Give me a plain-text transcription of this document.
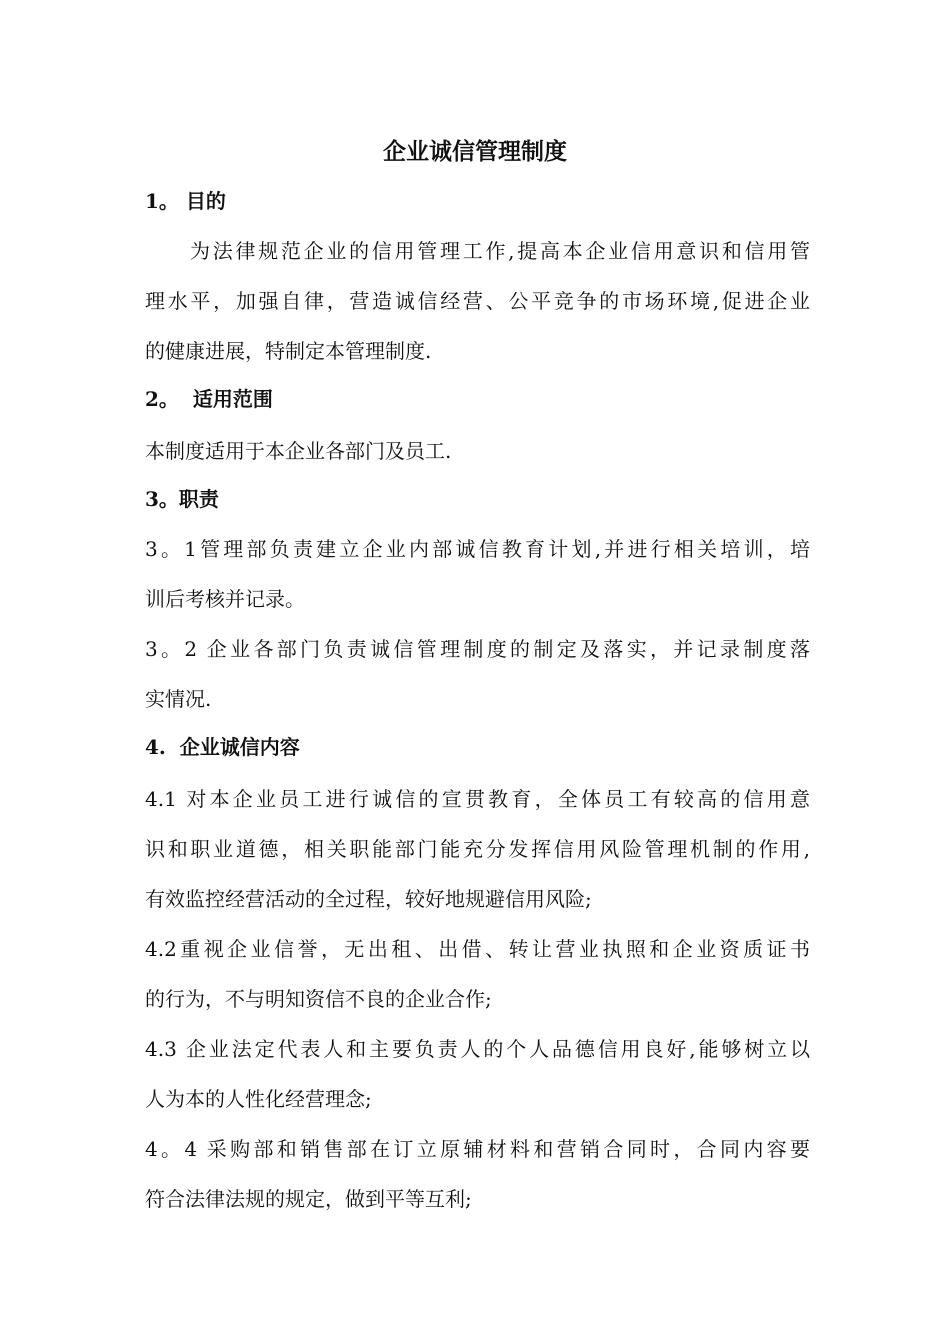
企业诚信管理制度
1。 目的
为法律规范企业的信用管理工作,提高本企业信用意识和信用管
理水平，加强自律，营造诚信经营、公平竞争的市场环境,促进企业
的健康进展，特制定本管理制度.
2。  适用范围
本制度适用于本企业各部门及员工.
3。职责
3。1管理部负责建立企业内部诚信教育计划,并进行相关培训，培
训后考核并记录。
3。2 企业各部门负责诚信管理制度的制定及落实，并记录制度落
实情况.
4.  企业诚信内容
4.1 对本企业员工进行诚信的宣贯教育，全体员工有较高的信用意
识和职业道德，相关职能部门能充分发挥信用风险管理机制的作用,
有效监控经营活动的全过程，较好地规避信用风险;
4.2重视企业信誉，无出租、出借、转让营业执照和企业资质证书
的行为，不与明知资信不良的企业合作;
4.3 企业法定代表人和主要负责人的个人品德信用良好,能够树立以
人为本的人性化经营理念;
4。4 采购部和销售部在订立原辅材料和营销合同时，合同内容要
符合法律法规的规定，做到平等互利;
